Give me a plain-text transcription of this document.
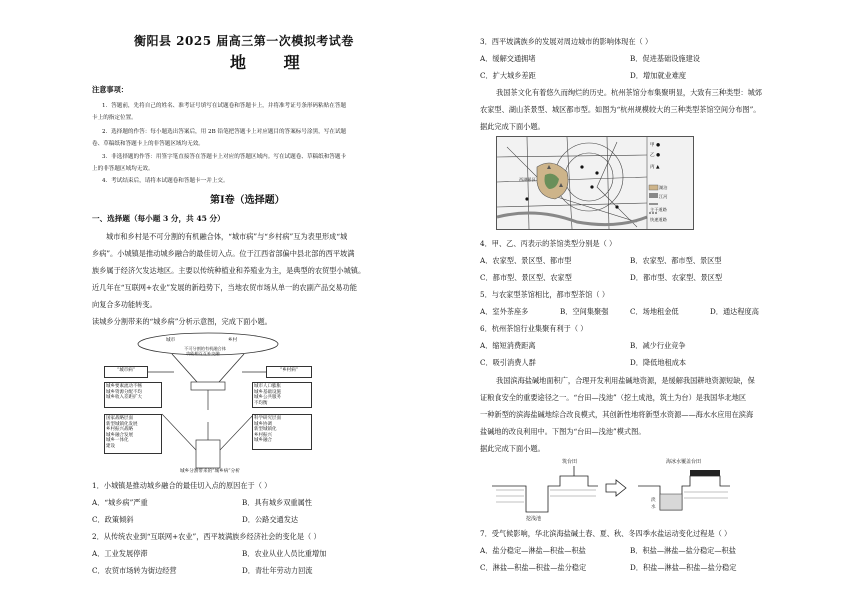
衡阳县 2025 届高三第一次模拟考试卷
地 理
注意事项：
1．答题前，先将自己的姓名、准考证号填写在试题卷和答题卡上，并将准考证号条形码粘贴在答题
卡上的指定位置。
2．选择题的作答：每小题选出答案后，用 2B 铅笔把答题卡上对应题目的答案标号涂黑，写在试题
卷、草稿纸和答题卡上的非答题区域均无效。
3．非选择题的作答：用签字笔直接答在答题卡上对应的答题区域内。写在试题卷、草稿纸和答题卡
上的非答题区域均无效。
4．考试结束后，请将本试题卷和答题卡一并上交。
第Ⅰ卷（选择题）
一、选择题（每小题 3 分，共 45 分）
城市和乡村是不可分割的有机融合体，“城市病”与“乡村病”互为表里形成“城
乡病”。小城镇是推动城乡融合的最佳切入点。位于江西省部偏中县北部的西平坡满
族乡属于经济欠发达地区。主要以传统种植业和养殖业为主，是典型的农贸型小城镇。
近几年在“互联网+农业”发展的新趋势下，当地农贸市场从单一的农副产品交易功能
向复合多功能转变。
读城乡分割带来的“城乡病”分析示意图，完成下面小题。
城市	乡村
不可分割的有机融合体
功能相互互补交融
“城市病”	“乡村病”
城乡要素流动不畅
城乡资源分配不均
城乡收入差距扩大
城市人口膨胀
城乡基础设施
城乡公共服务
不均衡
国家战略层面
新型城镇化发展
乡村振兴战略
城乡融合发展
城乡一体化
建设
科学研究层面
城乡协调
新型城镇化
乡村振兴
城乡融合
城乡分割带来的“城乡病”分析
1．小城镇是推动城乡融合的最佳切入点的原因在于（ ）
A．“城乡病”严重	B．具有城乡双重属性
C．政策倾斜	D．公路交通发达
2．从传统农业到“互联网+农业”，西平坡满族乡经济社会的变化是（ ）
A．工业发展停滞	B．农业从业人员比重增加
C．农贸市场转为街边经营	D．青壮年劳动力回流
3．西平坡满族乡的发展对周边城市的影响体现在（ ）
A．缓解交通拥堵	B．促进基础设施建设
C．扩大城乡差距	D．增加就业难度
我国茶文化有着悠久而绚烂的历史。杭州茶馆分布集聚明显，大致有三种类型：城郊
农家型、湖山茶景型、城区都市型。如图为“杭州规模较大的三种类型茶馆空间分布图”。
据此完成下面小题。
西湖景区
甲 ●
乙 ●
丙 ▲
湖泊
江河
主干道路
快速道路
4．甲、乙、丙表示的茶馆类型分别是（ ）
A．农家型、景区型、都市型	B．农家型、都市型、景区型
C．都市型、景区型、农家型	D．都市型、农家型、景区型
5．与农家型茶馆相比，都市型茶馆（ ）
A．室外茶座多	B．空间集聚强	C．场地租金低	D．通达程度高
6．杭州茶馆行业集聚有利于（ ）
A．缩短消费距离	B．减少行业竞争
C．吸引消费人群	D．降低地租成本
我国滨海盐碱地面积广，合理开发利用盐碱地资源，是缓解我国耕地资源短缺，保
证粮食安全的重要途径之一。“台田—浅池”（挖土成池，筑土为台）是我国华北地区
一种新型的滨海盐碱地综合改良模式，其创新性地将新型水资源——海水水应用在滨海
盐碱地的改良利用中。下图为“台田—浅池”模式图。
据此完成下面小题。
筑台田
挖浅池
海冰水覆盖台田
淡
水
7．受气候影响，华北滨海盐碱土春、夏、秋、冬四季水盐运动变化过程是（ ）
A．盐分稳定—淋盐—积盐—积盐	B．积盐—淋盐—盐分稳定—积盐
C．淋盐—积盐—积盐—盐分稳定	D．积盐—淋盐—积盐—盐分稳定
